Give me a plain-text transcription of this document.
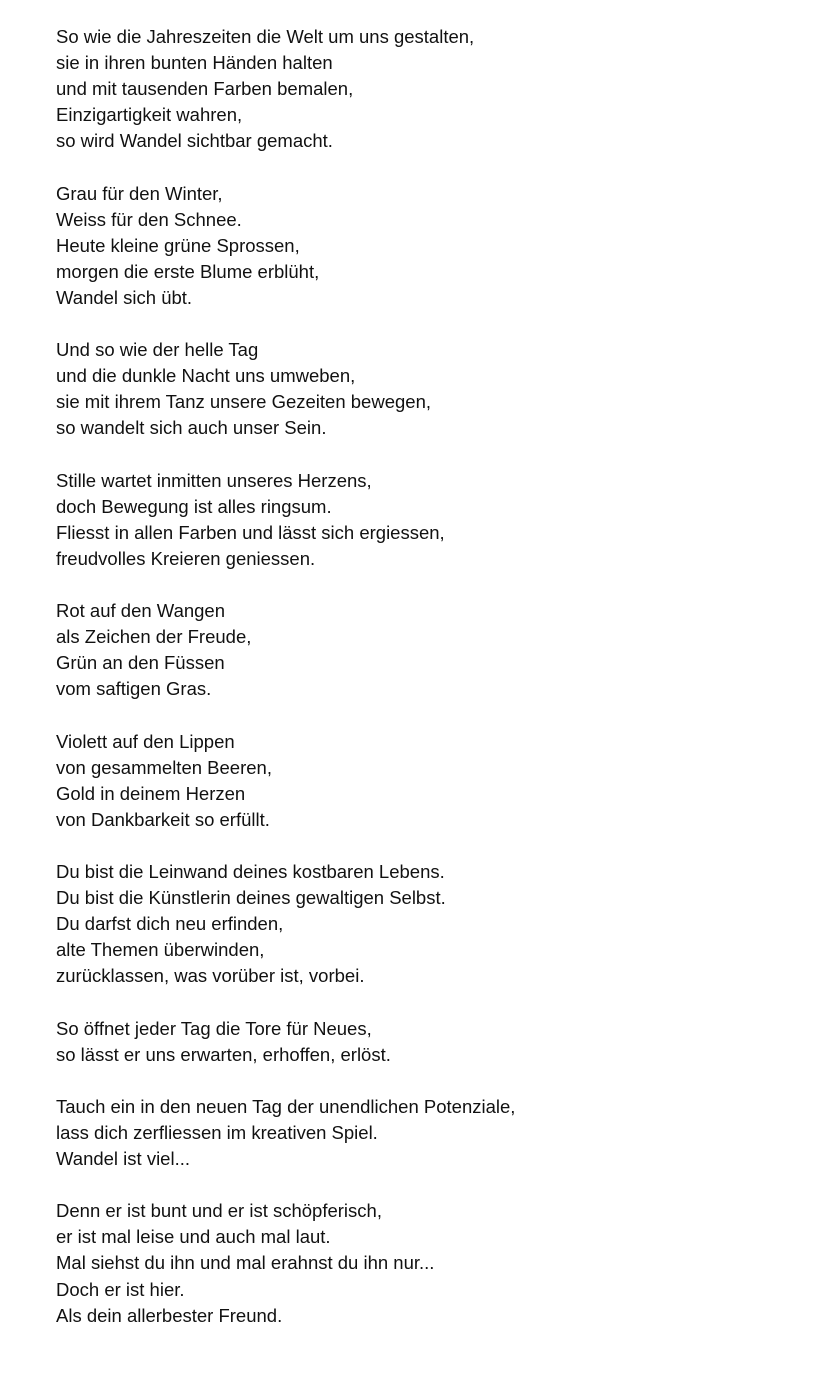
So wie die Jahreszeiten die Welt um uns gestalten,
sie in ihren bunten Händen halten
und mit tausenden Farben bemalen,
Einzigartigkeit wahren,
so wird Wandel sichtbar gemacht.
Grau für den Winter,
Weiss für den Schnee.
Heute kleine grüne Sprossen,
morgen die erste Blume erblüht,
Wandel sich übt.
Und so wie der helle Tag
und die dunkle Nacht uns umweben,
sie mit ihrem Tanz unsere Gezeiten bewegen,
so wandelt sich auch unser Sein.
Stille wartet inmitten unseres Herzens,
doch Bewegung ist alles ringsum.
Fliesst in allen Farben und lässt sich ergiessen,
freudvolles Kreieren geniessen.
Rot auf den Wangen
als Zeichen der Freude,
Grün an den Füssen
vom saftigen Gras.
Violett auf den Lippen
von gesammelten Beeren,
Gold in deinem Herzen
von Dankbarkeit so erfüllt.
Du bist die Leinwand deines kostbaren Lebens.
Du bist die Künstlerin deines gewaltigen Selbst.
Du darfst dich neu erfinden,
alte Themen überwinden,
zurücklassen, was vorüber ist, vorbei.
So öffnet jeder Tag die Tore für Neues,
so lässt er uns erwarten, erhoffen, erlöst.
Tauch ein in den neuen Tag der unendlichen Potenziale,
lass dich zerfliessen im kreativen Spiel.
Wandel ist viel...
Denn er ist bunt und er ist schöpferisch,
er ist mal leise und auch mal laut.
Mal siehst du ihn und mal erahnst du ihn nur...
Doch er ist hier.
Als dein allerbester Freund.
